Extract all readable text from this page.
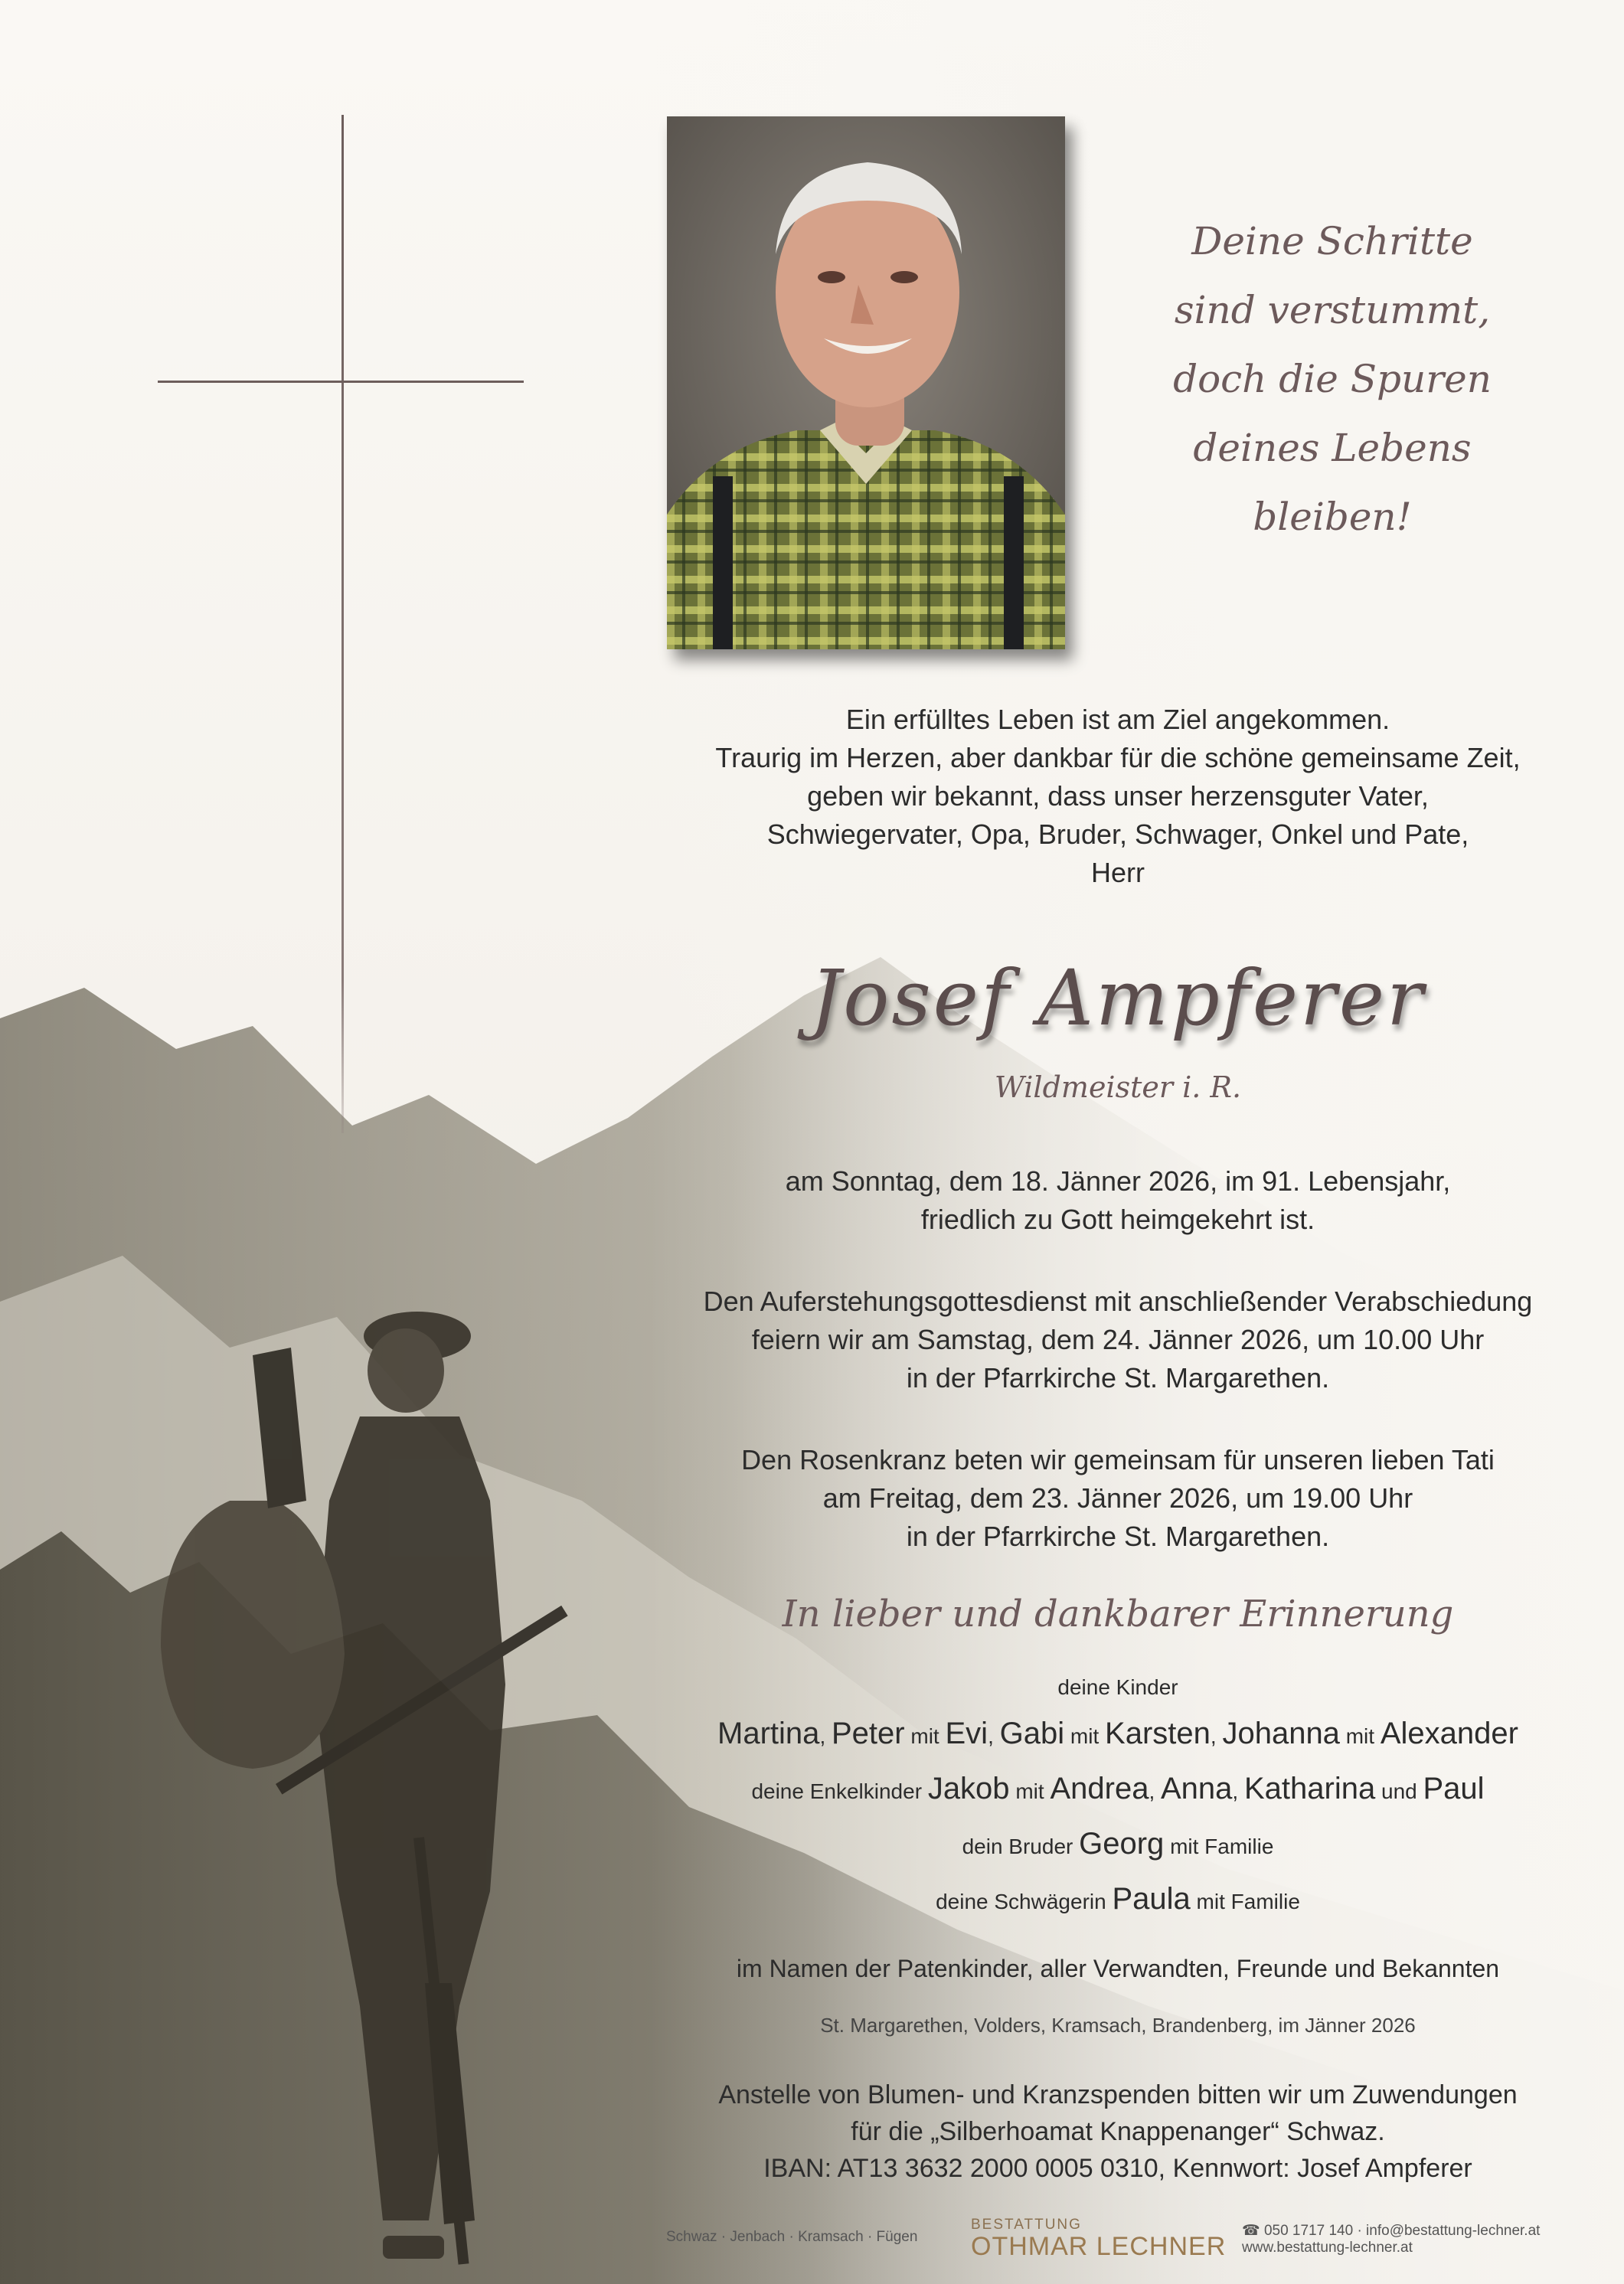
Deine Schritte
sind verstummt,
doch die Spuren
deines Lebens
bleiben!
Ein erfülltes Leben ist am Ziel angekommen.
Traurig im Herzen, aber dankbar für die schöne gemeinsame Zeit,
geben wir bekannt, dass unser herzensguter Vater,
Schwiegervater, Opa, Bruder, Schwager, Onkel und Pate,
Herr
Josef Ampferer
Wildmeister i. R.
am Sonntag, dem 18. Jänner 2026, im 91. Lebensjahr,
friedlich zu Gott heimgekehrt ist.
Den Auferstehungsgottesdienst mit anschließender Verabschiedung
feiern wir am Samstag, dem 24. Jänner 2026, um 10.00 Uhr
in der Pfarrkirche St. Margarethen.
Den Rosenkranz beten wir gemeinsam für unseren lieben Tati
am Freitag, dem 23. Jänner 2026, um 19.00 Uhr
in der Pfarrkirche St. Margarethen.
In lieber und dankbarer Erinnerung
deine Kinder
Martina, Peter mit Evi, Gabi mit Karsten, Johanna mit Alexander
deine Enkelkinder Jakob mit Andrea, Anna, Katharina und Paul
dein Bruder Georg mit Familie
deine Schwägerin Paula mit Familie
im Namen der Patenkinder, aller Verwandten, Freunde und Bekannten
St. Margarethen, Volders, Kramsach, Brandenberg, im Jänner 2026
Anstelle von Blumen- und Kranzspenden bitten wir um Zuwendungen
für die „Silberhoamat Knappenanger“ Schwaz.
IBAN: AT13 3632 2000 0005 0310, Kennwort: Josef Ampferer
Schwaz · Jenbach · Kramsach · Fügen
BESTATTUNG
OTHMAR LECHNER
☎ 050 1717 140 · info@bestattung-lechner.at
www.bestattung-lechner.at
